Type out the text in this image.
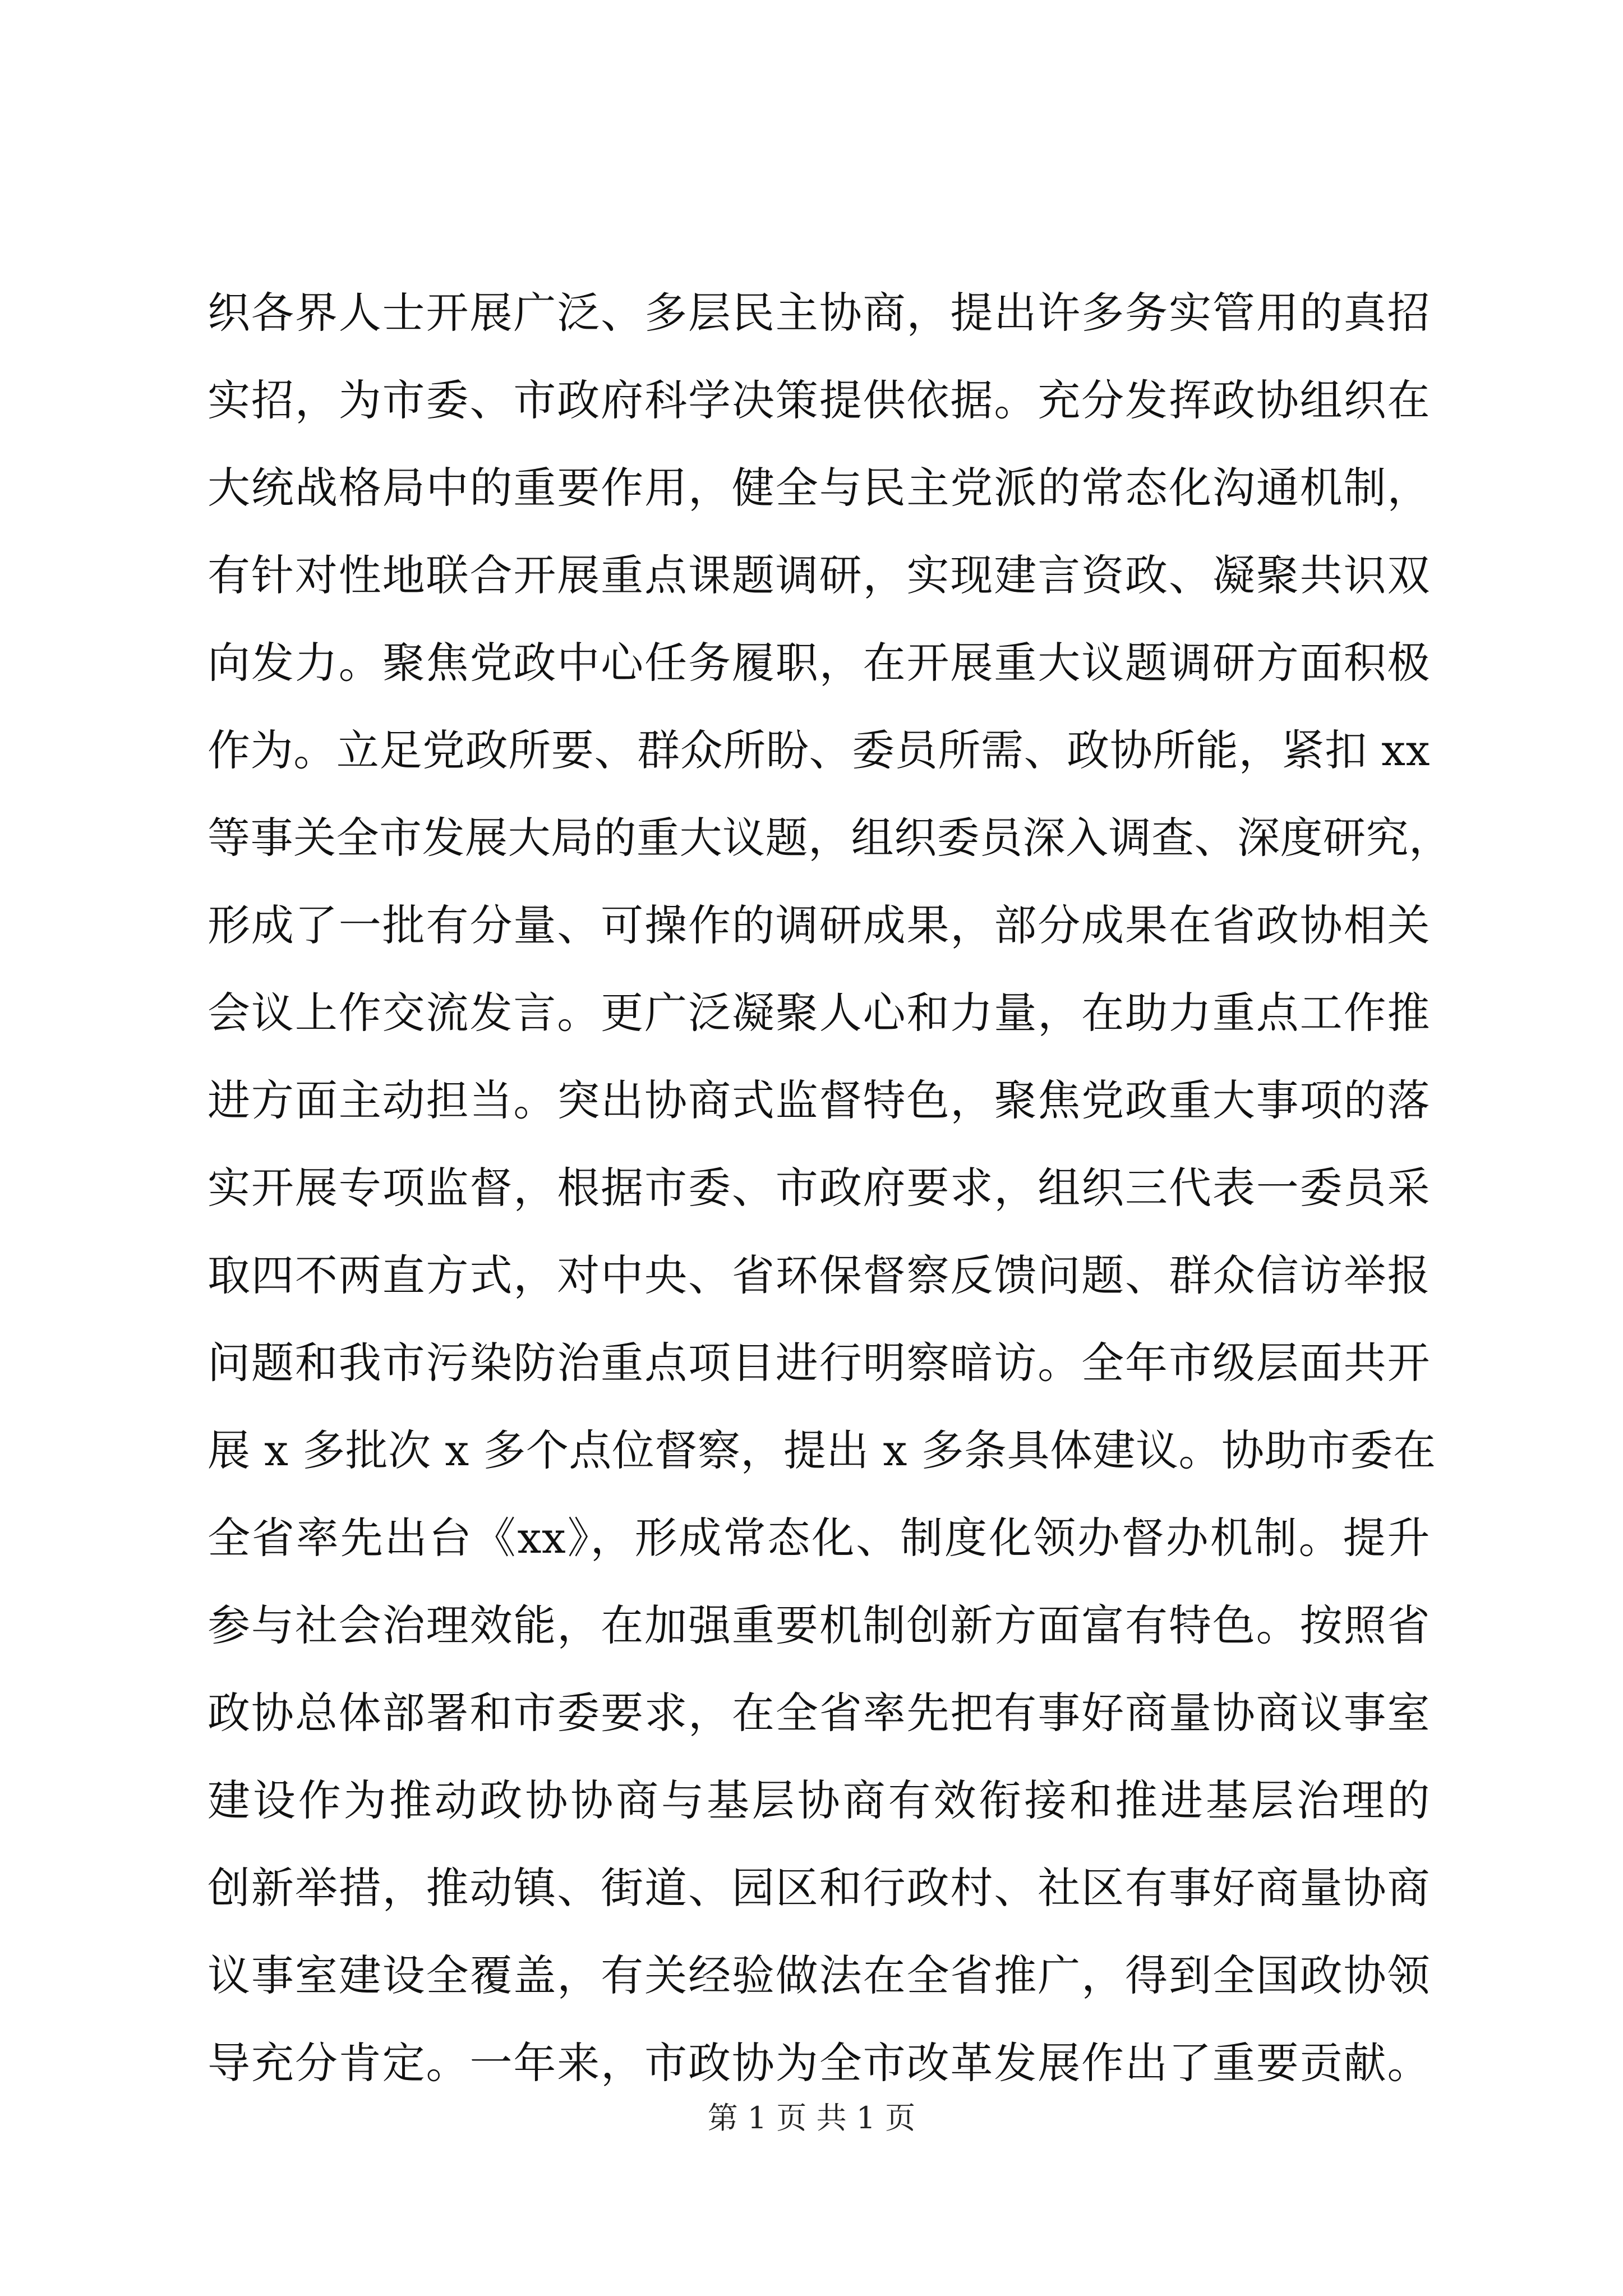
织各界人士开展广泛、多层民主协商，提出许多务实管用的真招
实招，为市委、市政府科学决策提供依据。充分发挥政协组织在
大统战格局中的重要作用，健全与民主党派的常态化沟通机制，
有针对性地联合开展重点课题调研，实现建言资政、凝聚共识双
向发力。聚焦党政中心任务履职，在开展重大议题调研方面积极
作为。立足党政所要、群众所盼、委员所需、政协所能，紧扣 xx
等事关全市发展大局的重大议题，组织委员深入调查、深度研究，
形成了一批有分量、可操作的调研成果，部分成果在省政协相关
会议上作交流发言。更广泛凝聚人心和力量，在助力重点工作推
进方面主动担当。突出协商式监督特色，聚焦党政重大事项的落
实开展专项监督，根据市委、市政府要求，组织三代表一委员采
取四不两直方式，对中央、省环保督察反馈问题、群众信访举报
问题和我市污染防治重点项目进行明察暗访。全年市级层面共开
展 x 多批次 x 多个点位督察，提出 x 多条具体建议。协助市委在
全省率先出台《xx》，形成常态化、制度化领办督办机制。提升
参与社会治理效能，在加强重要机制创新方面富有特色。按照省
政协总体部署和市委要求，在全省率先把有事好商量协商议事室
建设作为推动政协协商与基层协商有效衔接和推进基层治理的
创新举措，推动镇、街道、园区和行政村、社区有事好商量协商
议事室建设全覆盖，有关经验做法在全省推广，得到全国政协领
导充分肯定。一年来，市政协为全市改革发展作出了重要贡献。
第 1 页 共 1 页
